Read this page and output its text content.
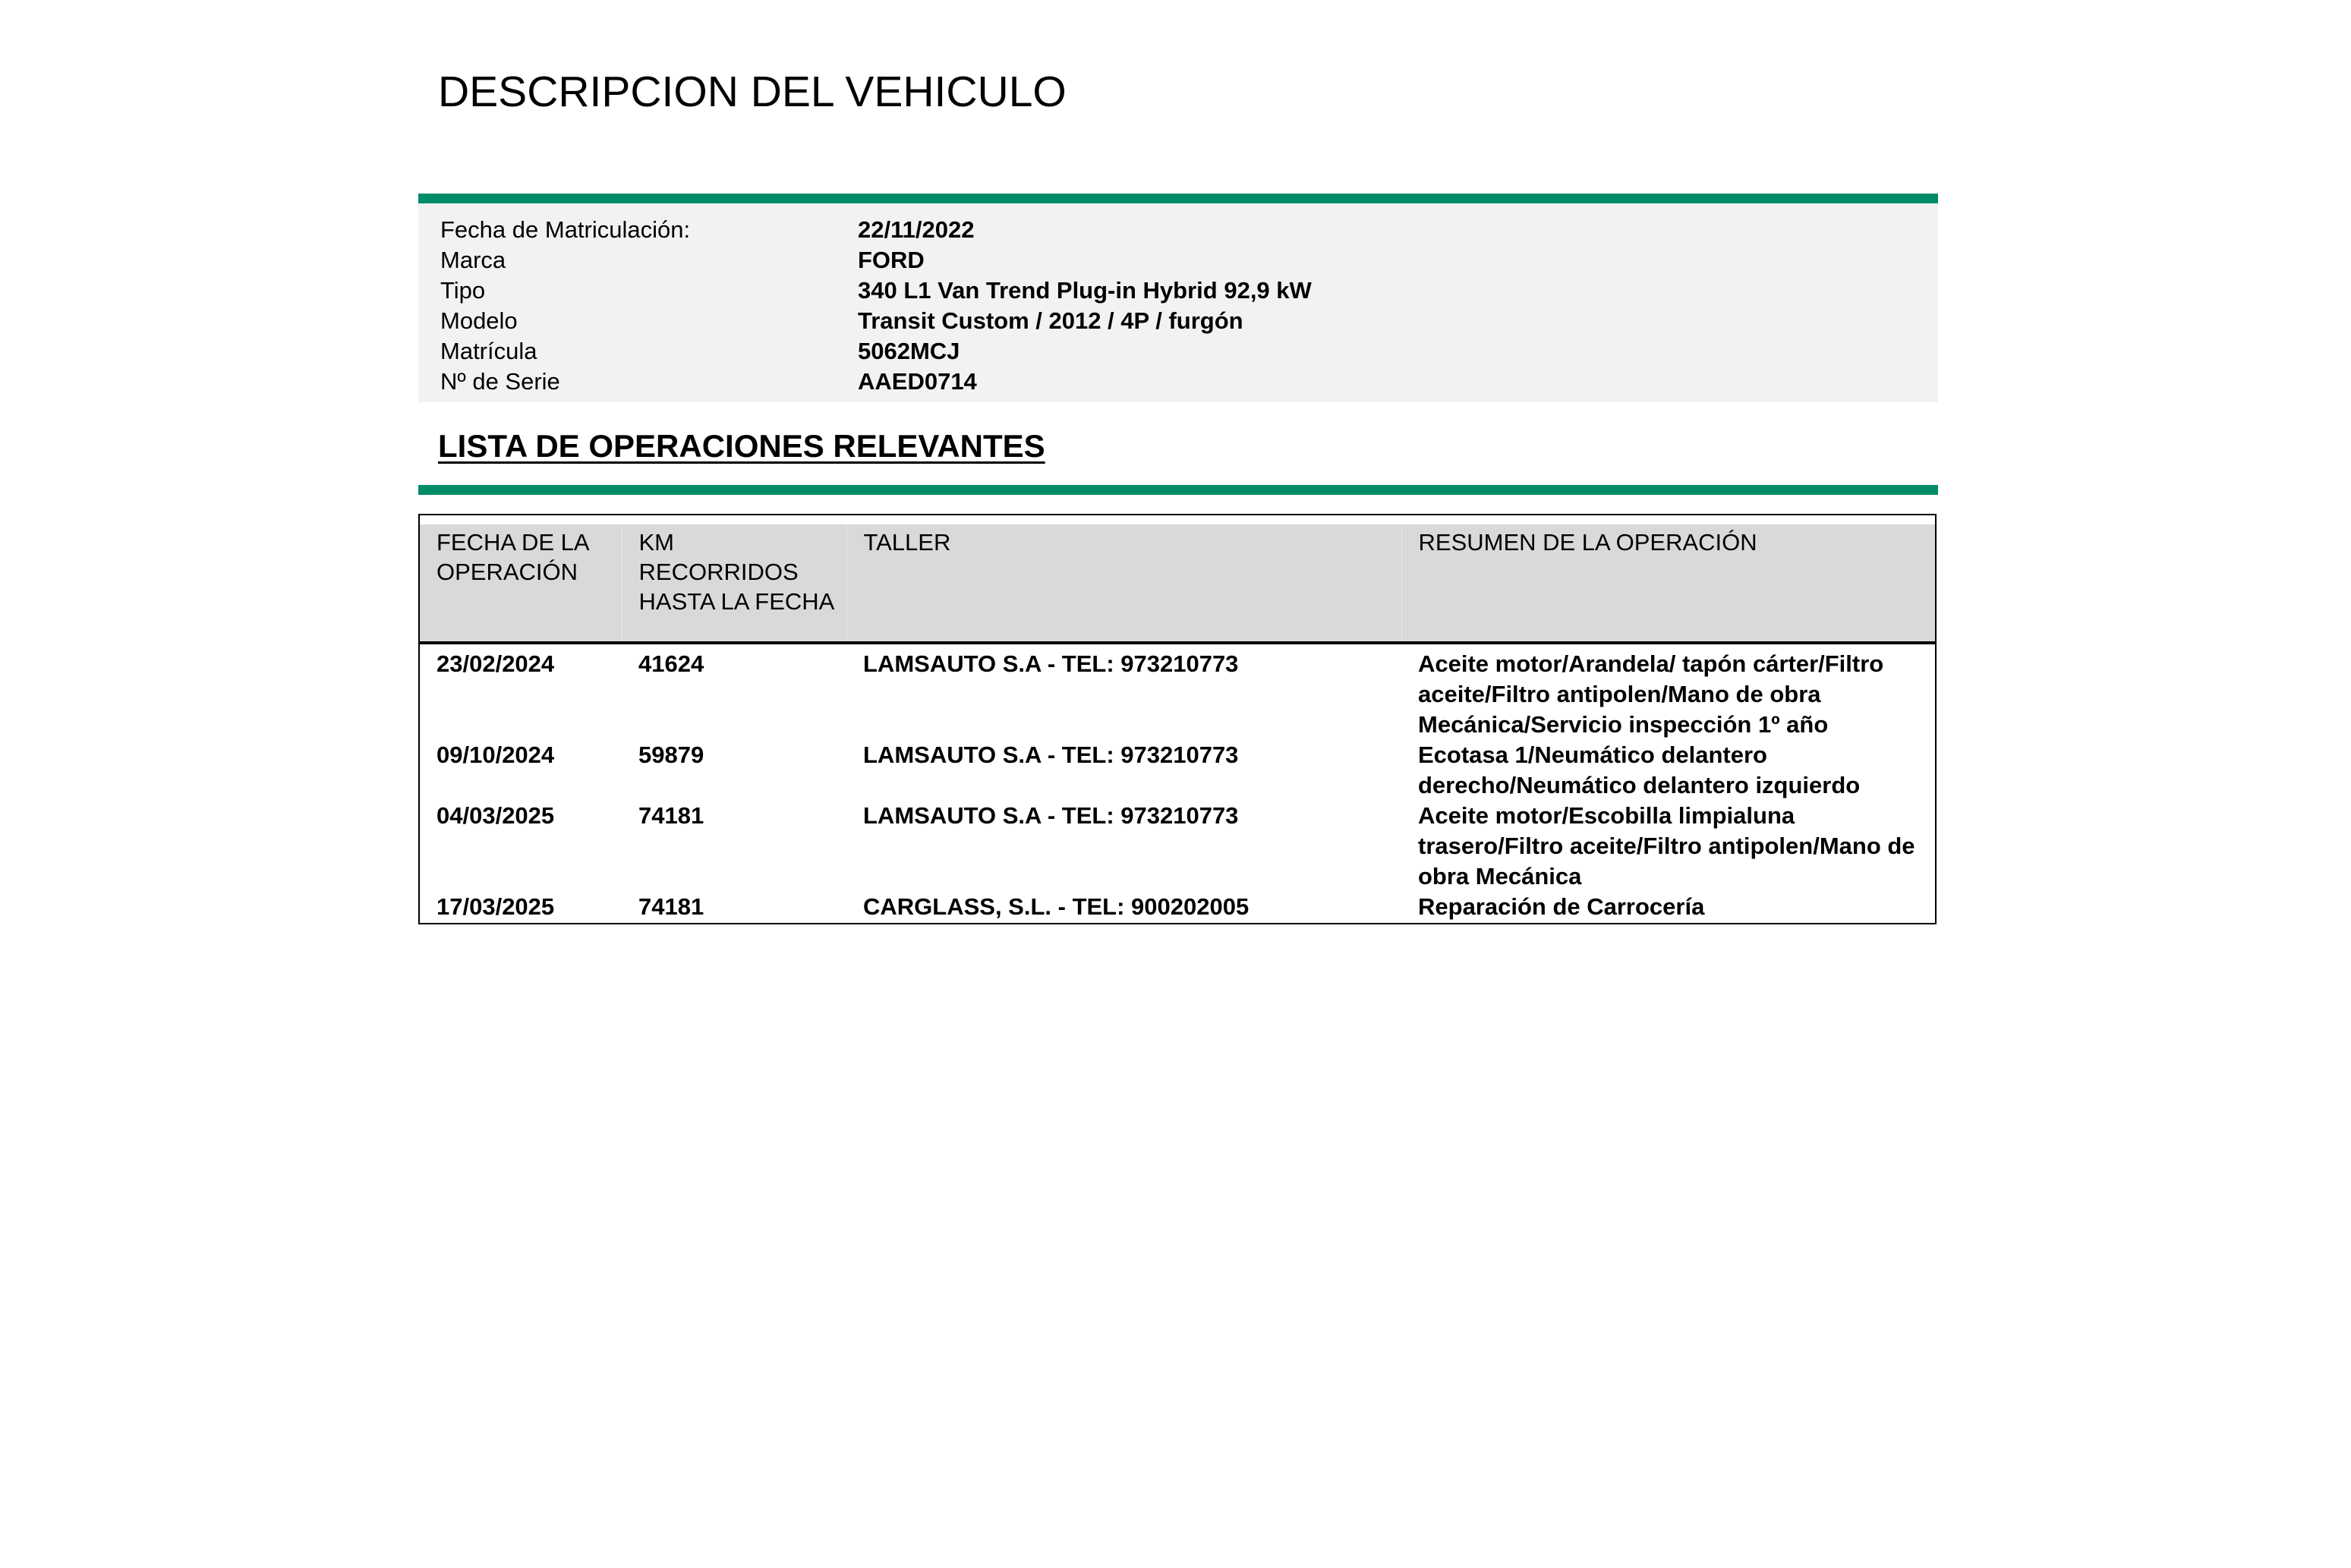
DESCRIPCION DEL VEHICULO
Fecha de Matriculación:	22/11/2022
Marca	FORD
Tipo	340 L1 Van Trend Plug-in Hybrid 92,9 kW
Modelo	Transit Custom / 2012 / 4P / furgón
Matrícula	5062MCJ
Nº de Serie	AAED0714
LISTA DE OPERACIONES RELEVANTES
FECHA DE LA OPERACIÓN	KM RECORRIDOS HASTA LA FECHA	TALLER	RESUMEN DE LA OPERACIÓN
23/02/2024	41624	LAMSAUTO S.A - TEL: 973210773	Aceite motor/Arandela/ tapón cárter/Filtro aceite/Filtro antipolen/Mano de obra Mecánica/Servicio inspección 1º año
09/10/2024	59879	LAMSAUTO S.A - TEL: 973210773	Ecotasa 1/Neumático delantero derecho/Neumático delantero izquierdo
04/03/2025	74181	LAMSAUTO S.A - TEL: 973210773	Aceite motor/Escobilla limpialuna trasero/Filtro aceite/Filtro antipolen/Mano de obra Mecánica
17/03/2025	74181	CARGLASS, S.L. - TEL: 900202005	Reparación de Carrocería
